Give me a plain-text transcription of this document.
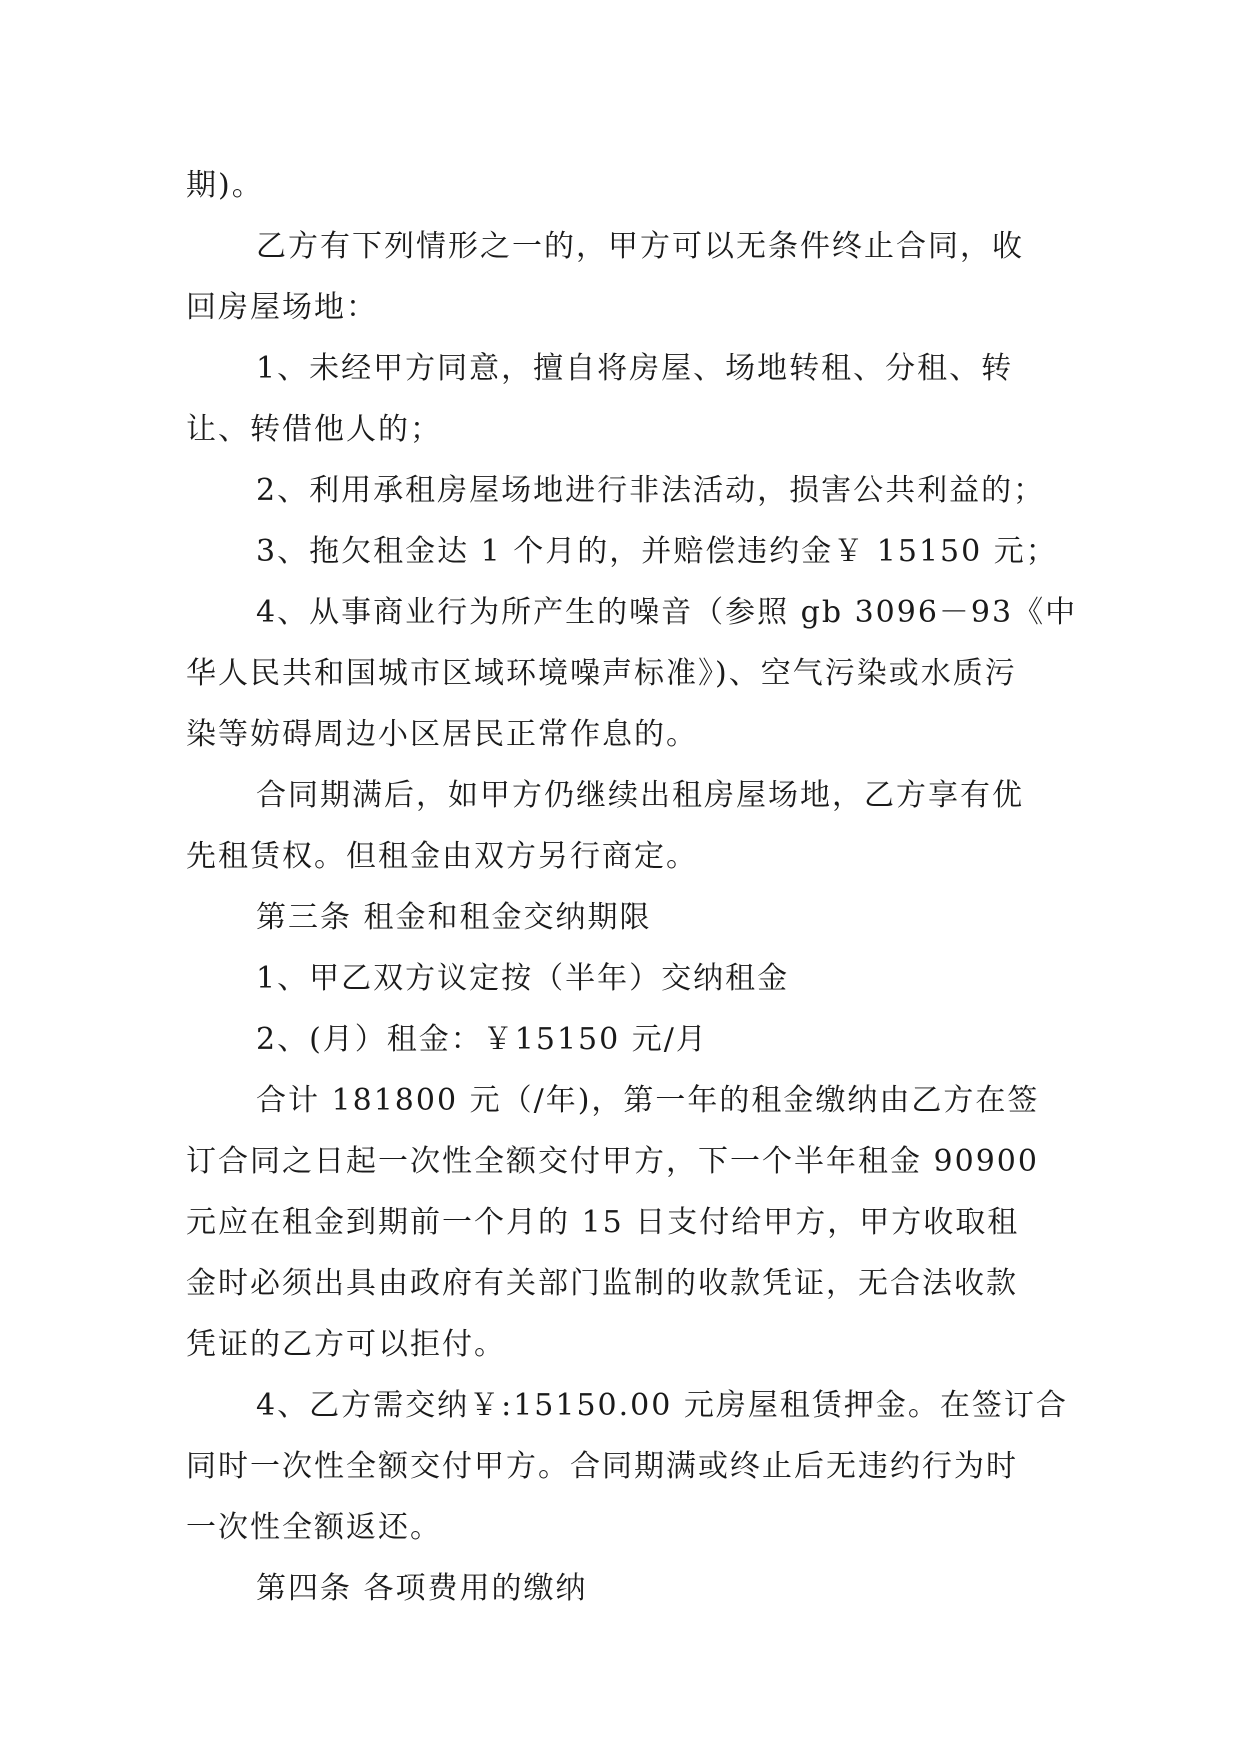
期)。
乙方有下列情形之一的，甲方可以无条件终止合同，收
回房屋场地：
1、未经甲方同意，擅自将房屋、场地转租、分租、转
让、转借他人的；
2、利用承租房屋场地进行非法活动，损害公共利益的；
3、拖欠租金达 1 个月的，并赔偿违约金￥ 15150 元；
4、从事商业行为所产生的噪音（参照 gb 3096－93《中
华人民共和国城市区域环境噪声标准》)、空气污染或水质污
染等妨碍周边小区居民正常作息的。
合同期满后，如甲方仍继续出租房屋场地，乙方享有优
先租赁权。但租金由双方另行商定。
第三条 租金和租金交纳期限
1、甲乙双方议定按（半年）交纳租金
2、(月）租金：￥15150 元/月
合计 181800 元（/年)，第一年的租金缴纳由乙方在签
订合同之日起一次性全额交付甲方，下一个半年租金 90900
元应在租金到期前一个月的 15 日支付给甲方，甲方收取租
金时必须出具由政府有关部门监制的收款凭证，无合法收款
凭证的乙方可以拒付。
4、乙方需交纳￥:15150.00 元房屋租赁押金。在签订合
同时一次性全额交付甲方。合同期满或终止后无违约行为时
一次性全额返还。
第四条 各项费用的缴纳
